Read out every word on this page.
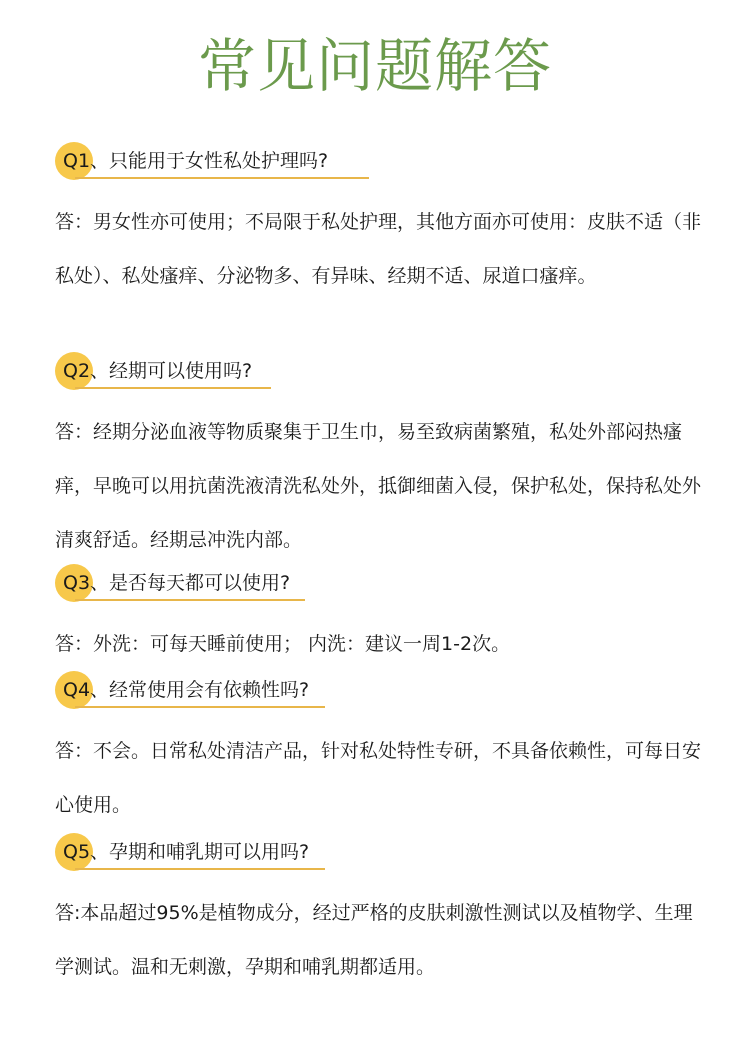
常见问题解答
Q1、只能用于女性私处护理吗?
答：男女性亦可使用；不局限于私处护理，其他方面亦可使用：皮肤不适（非私处）、私处瘙痒、分泌物多、有异味、经期不适、尿道口瘙痒。
Q2、经期可以使用吗?
答：经期分泌血液等物质聚集于卫生巾，易至致病菌繁殖，私处外部闷热瘙痒，早晚可以用抗菌洗液清洗私处外，抵御细菌入侵，保护私处，保持私处外清爽舒适。经期忌冲洗内部。
Q3、是否每天都可以使用?
答：外洗：可每天睡前使用； 内洗：建议一周1-2次。
Q4、经常使用会有依赖性吗?
答：不会。日常私处清洁产品，针对私处特性专研，不具备依赖性，可每日安心使用。
Q5、孕期和哺乳期可以用吗?
答:本品超过95%是植物成分，经过严格的皮肤刺激性测试以及植物学、生理学测试。温和无刺激，孕期和哺乳期都适用。
